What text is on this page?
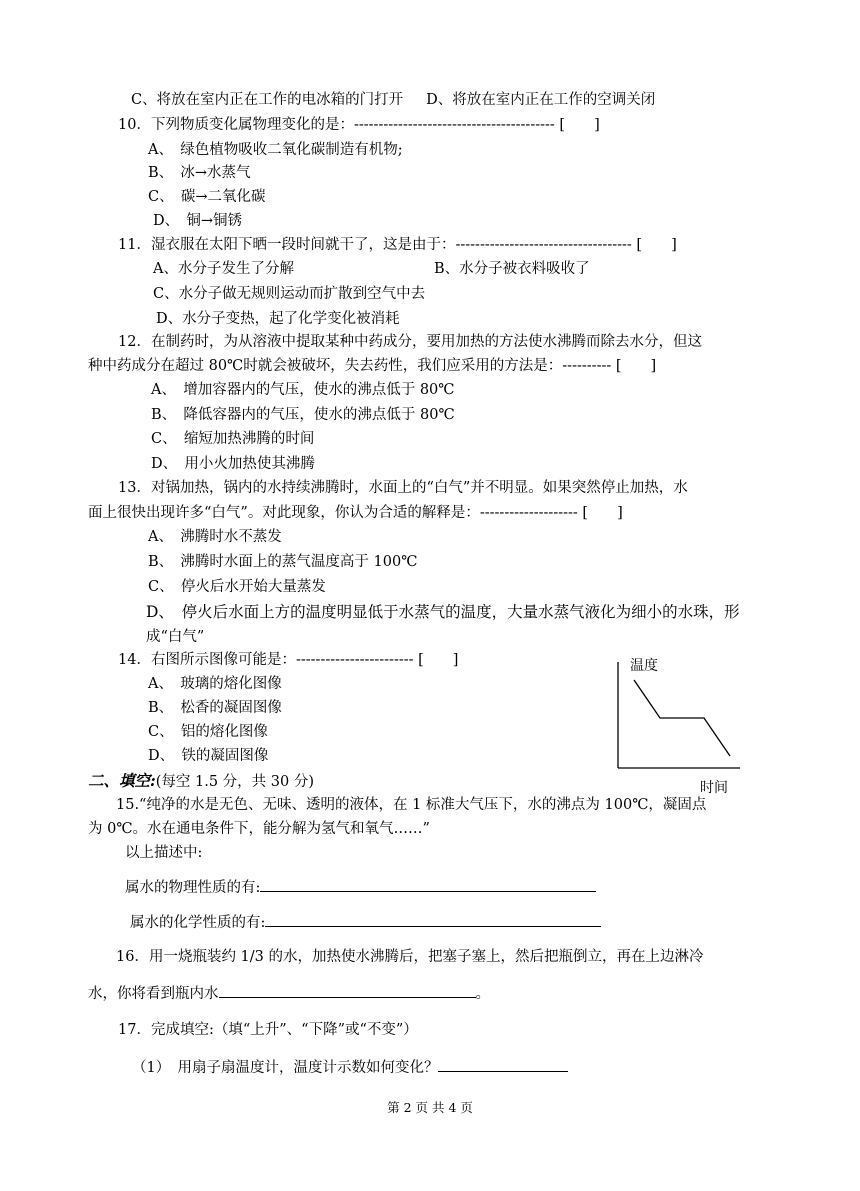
C、将放在室内正在工作的电冰箱的门打开     D、将放在室内正在工作的空调关闭
10．下列物质变化属物理变化的是：----------------------------------------- [　　]
A、　绿色植物吸收二氧化碳制造有机物;
B、　冰→水蒸气
C、　碳→二氧化碳
D、　铜→铜锈
11．湿衣服在太阳下晒一段时间就干了，这是由于：------------------------------------ [　　]
A、水分子发生了分解	B、水分子被衣料吸收了
C、水分子做无规则运动而扩散到空气中去
D、水分子变热，起了化学变化被消耗
12．在制药时，为从溶液中提取某种中药成分，要用加热的方法使水沸腾而除去水分，但这
种中药成分在超过 80℃时就会被破坏，失去药性，我们应采用的方法是：---------- [　　]
A、　增加容器内的气压，使水的沸点低于 80℃
B、　降低容器内的气压，使水的沸点低于 80℃
C、　缩短加热沸腾的时间
D、　用小火加热使其沸腾
13．对锅加热，锅内的水持续沸腾时，水面上的“白气”并不明显。如果突然停止加热，水
面上很快出现许多“白气”。对此现象，你认为合适的解释是：-------------------- [　　]
A、　沸腾时水不蒸发
B、　沸腾时水面上的蒸气温度高于 100℃
C、　停火后水开始大量蒸发
D、　停火后水面上方的温度明显低于水蒸气的温度，大量水蒸气液化为细小的水珠，形
成“白气”
14．右图所示图像可能是：------------------------ [　　]
A、　玻璃的熔化图像
B、　松香的凝固图像
C、　铝的熔化图像
D、　铁的凝固图像
温度
时间
二、填空:(每空 1.5 分，共 30 分)
15.“纯净的水是无色、无味、透明的液体，在 1 标准大气压下，水的沸点为 100℃，凝固点
为 0℃。水在通电条件下，能分解为氢气和氧气……”
以上描述中:
属水的物理性质的有:
属水的化学性质的有:
16．用一烧瓶装约 1/3 的水，加热使水沸腾后，把塞子塞上，然后把瓶倒立，再在上边淋冷
水，你将看到瓶内水	。
17．完成填空:（填“上升”、“下降”或“不变”）
（1）　用扇子扇温度计，温度计示数如何变化？
第 2 页 共 4 页
